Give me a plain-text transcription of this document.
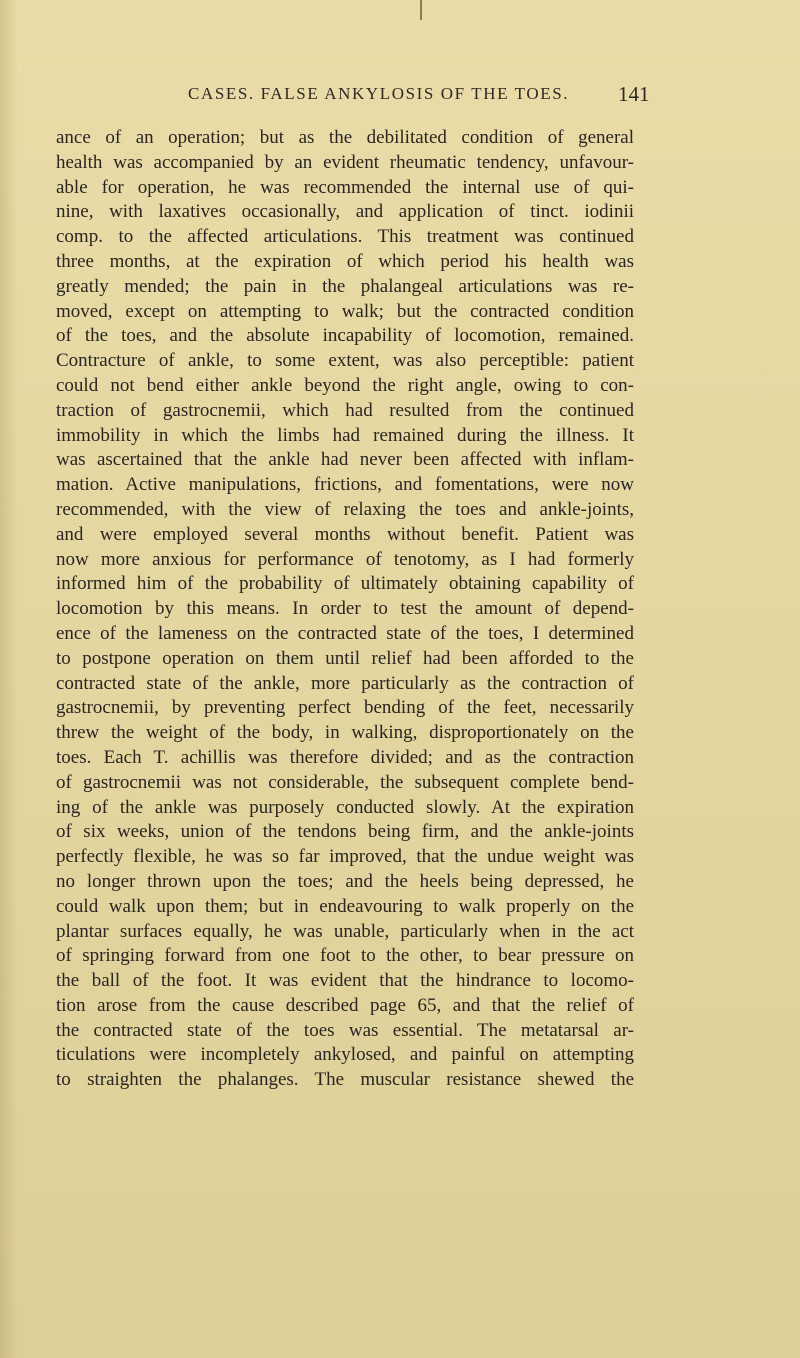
CASES. FALSE ANKYLOSIS OF THE TOES. 141
ance of an operation; but as the debilitated condition of general
health was accompanied by an evident rheumatic tendency, unfavour-
able for operation, he was recommended the internal use of qui-
nine, with laxatives occasionally, and application of tinct. iodinii
comp. to the affected articulations. This treatment was continued
three months, at the expiration of which period his health was
greatly mended; the pain in the phalangeal articulations was re-
moved, except on attempting to walk; but the contracted condition
of the toes, and the absolute incapability of locomotion, remained.
Contracture of ankle, to some extent, was also perceptible: patient
could not bend either ankle beyond the right angle, owing to con-
traction of gastrocnemii, which had resulted from the continued
immobility in which the limbs had remained during the illness. It
was ascertained that the ankle had never been affected with inflam-
mation. Active manipulations, frictions, and fomentations, were now
recommended, with the view of relaxing the toes and ankle-joints,
and were employed several months without benefit. Patient was
now more anxious for performance of tenotomy, as I had formerly
informed him of the probability of ultimately obtaining capability of
locomotion by this means. In order to test the amount of depend-
ence of the lameness on the contracted state of the toes, I determined
to postpone operation on them until relief had been afforded to the
contracted state of the ankle, more particularly as the contraction of
gastrocnemii, by preventing perfect bending of the feet, necessarily
threw the weight of the body, in walking, disproportionately on the
toes. Each T. achillis was therefore divided; and as the contraction
of gastrocnemii was not considerable, the subsequent complete bend-
ing of the ankle was purposely conducted slowly. At the expiration
of six weeks, union of the tendons being firm, and the ankle-joints
perfectly flexible, he was so far improved, that the undue weight was
no longer thrown upon the toes; and the heels being depressed, he
could walk upon them; but in endeavouring to walk properly on the
plantar surfaces equally, he was unable, particularly when in the act
of springing forward from one foot to the other, to bear pressure on
the ball of the foot. It was evident that the hindrance to locomo-
tion arose from the cause described page 65, and that the relief of
the contracted state of the toes was essential. The metatarsal ar-
ticulations were incompletely ankylosed, and painful on attempting
to straighten the phalanges. The muscular resistance shewed the
